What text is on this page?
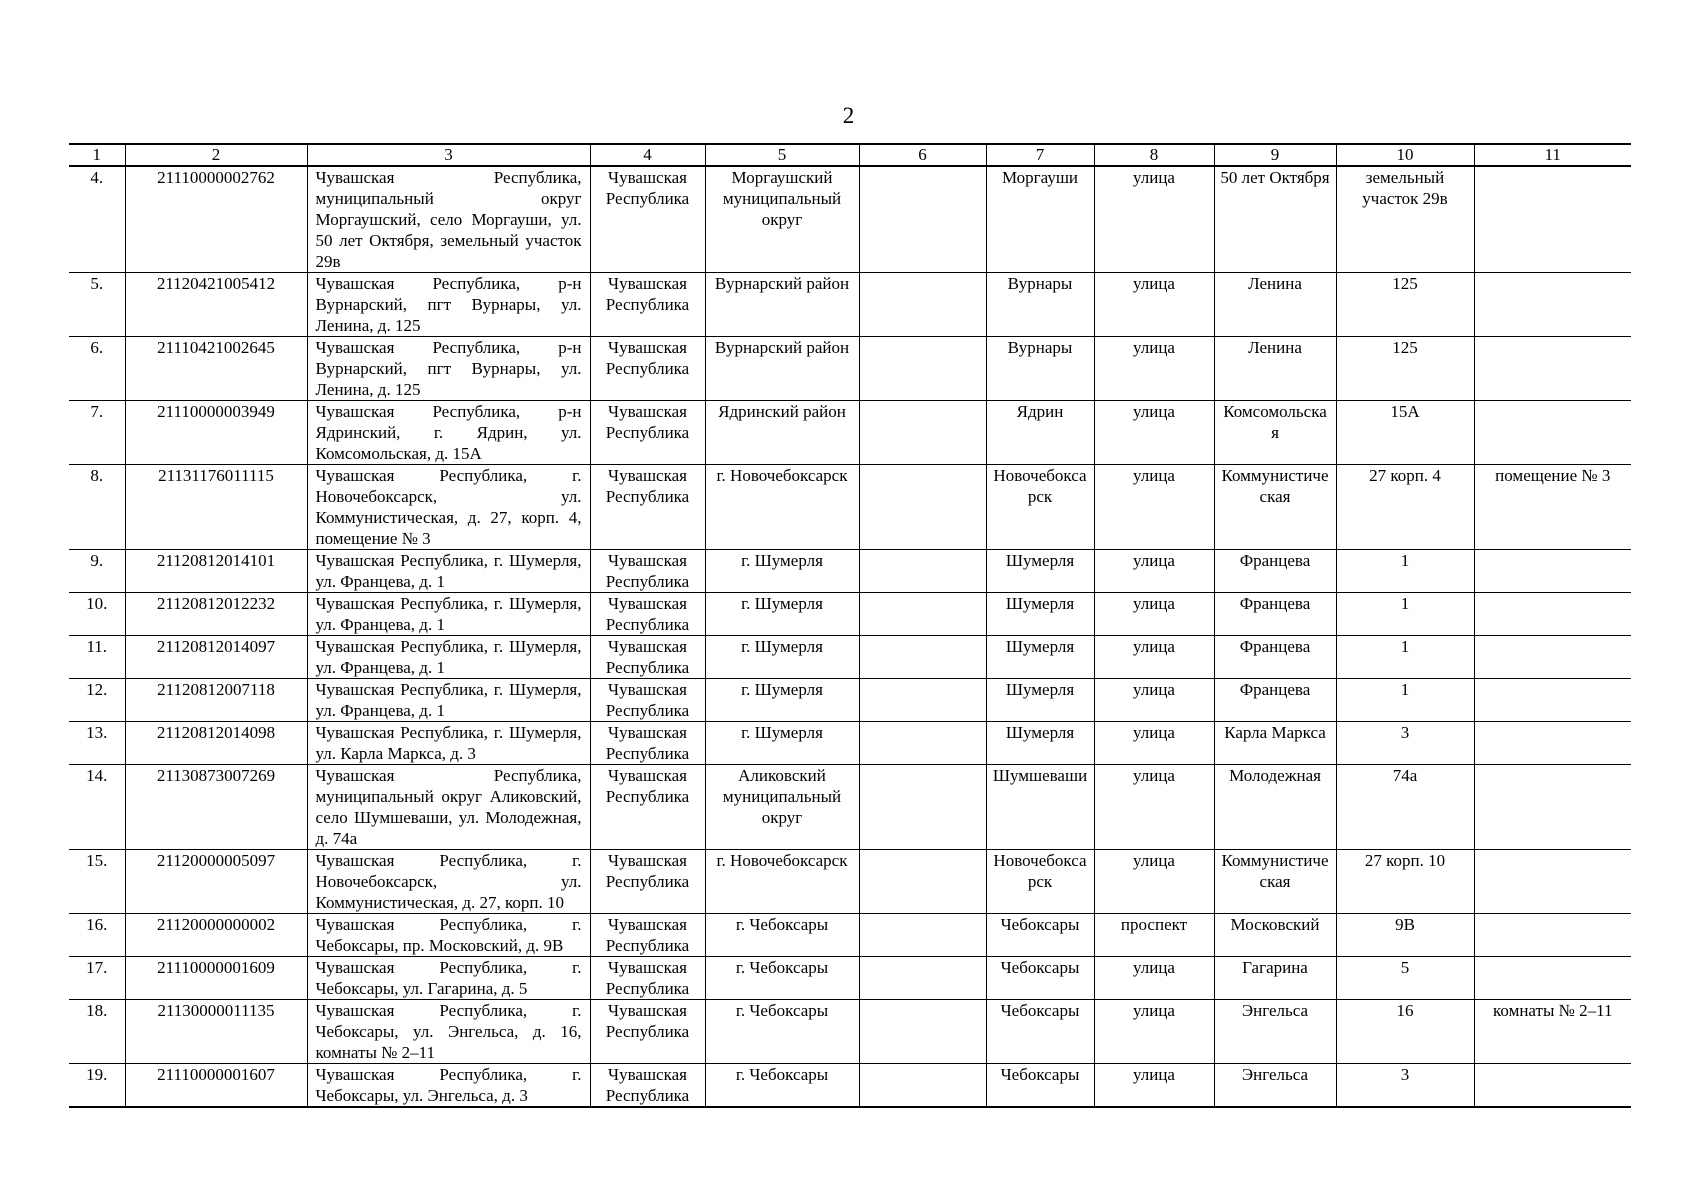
2
1	2	3	4	5	6	7	8	9	10	11
4.	21110000002762	Чувашская Республика, муниципальный округ Моргаушский, село Моргауши, ул. 50 лет Октября, земельный участок 29в	Чувашская Республика	Моргаушский муниципальный округ		Моргауши	улица	50 лет Октября	земельный участок 29в	
5.	21120421005412	Чувашская Республика, р-н Вурнарский, пгт Вурнары, ул. Ленина, д. 125	Чувашская Республика	Вурнарский район		Вурнары	улица	Ленина	125	
6.	21110421002645	Чувашская Республика, р-н Вурнарский, пгт Вурнары, ул. Ленина, д. 125	Чувашская Республика	Вурнарский район		Вурнары	улица	Ленина	125	
7.	21110000003949	Чувашская Республика, р-н Ядринский, г. Ядрин, ул. Комсомольская, д. 15А	Чувашская Республика	Ядринский район		Ядрин	улица	Комсомольская	15А	
8.	21131176011115	Чувашская Республика, г. Новочебоксарск, ул. Коммунистическая, д. 27, корп. 4, помещение № 3	Чувашская Республика	г. Новочебоксарск		Новочебоксарск	улица	Коммунистическая	27 корп. 4	помещение № 3
9.	21120812014101	Чувашская Республика, г. Шумерля, ул. Францева, д. 1	Чувашская Республика	г. Шумерля		Шумерля	улица	Францева	1	
10.	21120812012232	Чувашская Республика, г. Шумерля, ул. Францева, д. 1	Чувашская Республика	г. Шумерля		Шумерля	улица	Францева	1	
11.	21120812014097	Чувашская Республика, г. Шумерля, ул. Францева, д. 1	Чувашская Республика	г. Шумерля		Шумерля	улица	Францева	1	
12.	21120812007118	Чувашская Республика, г. Шумерля, ул. Францева, д. 1	Чувашская Республика	г. Шумерля		Шумерля	улица	Францева	1	
13.	21120812014098	Чувашская Республика, г. Шумерля, ул. Карла Маркса, д. 3	Чувашская Республика	г. Шумерля		Шумерля	улица	Карла Маркса	3	
14.	21130873007269	Чувашская Республика, муниципальный округ Аликовский, село Шумшеваши, ул. Молодежная, д. 74а	Чувашская Республика	Аликовский муниципальный округ		Шумшеваши	улица	Молодежная	74а	
15.	21120000005097	Чувашская Республика, г. Новочебоксарск, ул. Коммунистическая, д. 27, корп. 10	Чувашская Республика	г. Новочебоксарск		Новочебоксарск	улица	Коммунистическая	27 корп. 10	
16.	21120000000002	Чувашская Республика, г. Чебоксары, пр. Московский, д. 9В	Чувашская Республика	г. Чебоксары		Чебоксары	проспект	Московский	9В	
17.	21110000001609	Чувашская Республика, г. Чебоксары, ул. Гагарина, д. 5	Чувашская Республика	г. Чебоксары		Чебоксары	улица	Гагарина	5	
18.	21130000011135	Чувашская Республика, г. Чебоксары, ул. Энгельса, д. 16, комнаты № 2–11	Чувашская Республика	г. Чебоксары		Чебоксары	улица	Энгельса	16	комнаты № 2–11
19.	21110000001607	Чувашская Республика, г. Чебоксары, ул. Энгельса, д. 3	Чувашская Республика	г. Чебоксары		Чебоксары	улица	Энгельса	3	
